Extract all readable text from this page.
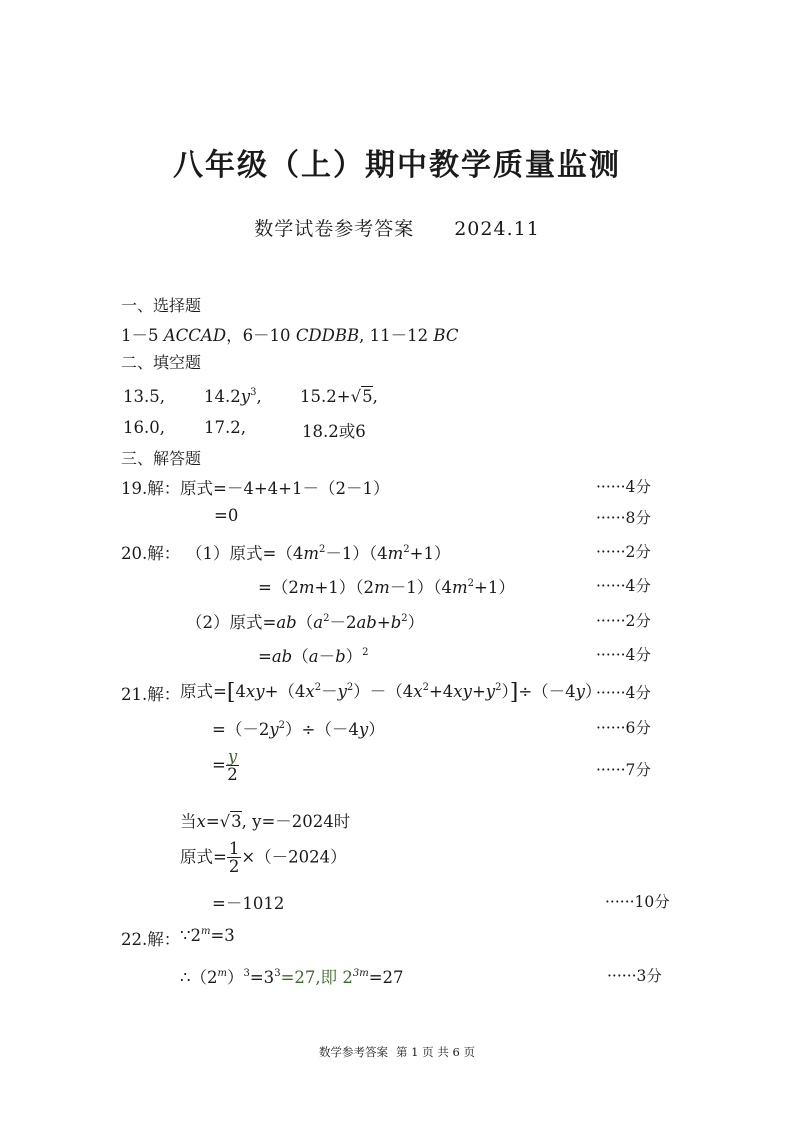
八年级（上）期中教学质量监测
数学试卷参考答案 2024.11
一、选择题
1－5 ACCAD，6－10 CDDBB, 11－12 BC
二、填空题
13.5, $14.2y^3$, 15.2+√5,
16.0, 17.2,	18.2或6
三、解答题
19.解： 原式=－4+4+1－（2－1）	······4分
=0	······8分
20.解： （1）原式$=(4m^2-1)(4m^2+1)$	······2分
$=(2m+1)(2m-1)(4m^2+1)$	······4分
（2）原式$=ab(a^2-2ab+b^2)$	······2分
$=ab(a-b)^2$	······4分
21.解： 原式$=[4xy+(4x^2-y^2)-(4x^2+4xy+y^2)]\div(-4y)$
······4分
$=(-2y^2)\div(-4y)$	······6分
= $\frac{y}{2}$	······7分
当x=√3, y=－2024时
原式= $\frac{1}{2} \times(-2024)$
=－1012	······10分
22.解： $\because 2^m=3$
$\therefore(2^m)^3=3^3=27$,即 $2^{3m}=27$	······3分
数学参考答案 第 1 页 共 6 页
